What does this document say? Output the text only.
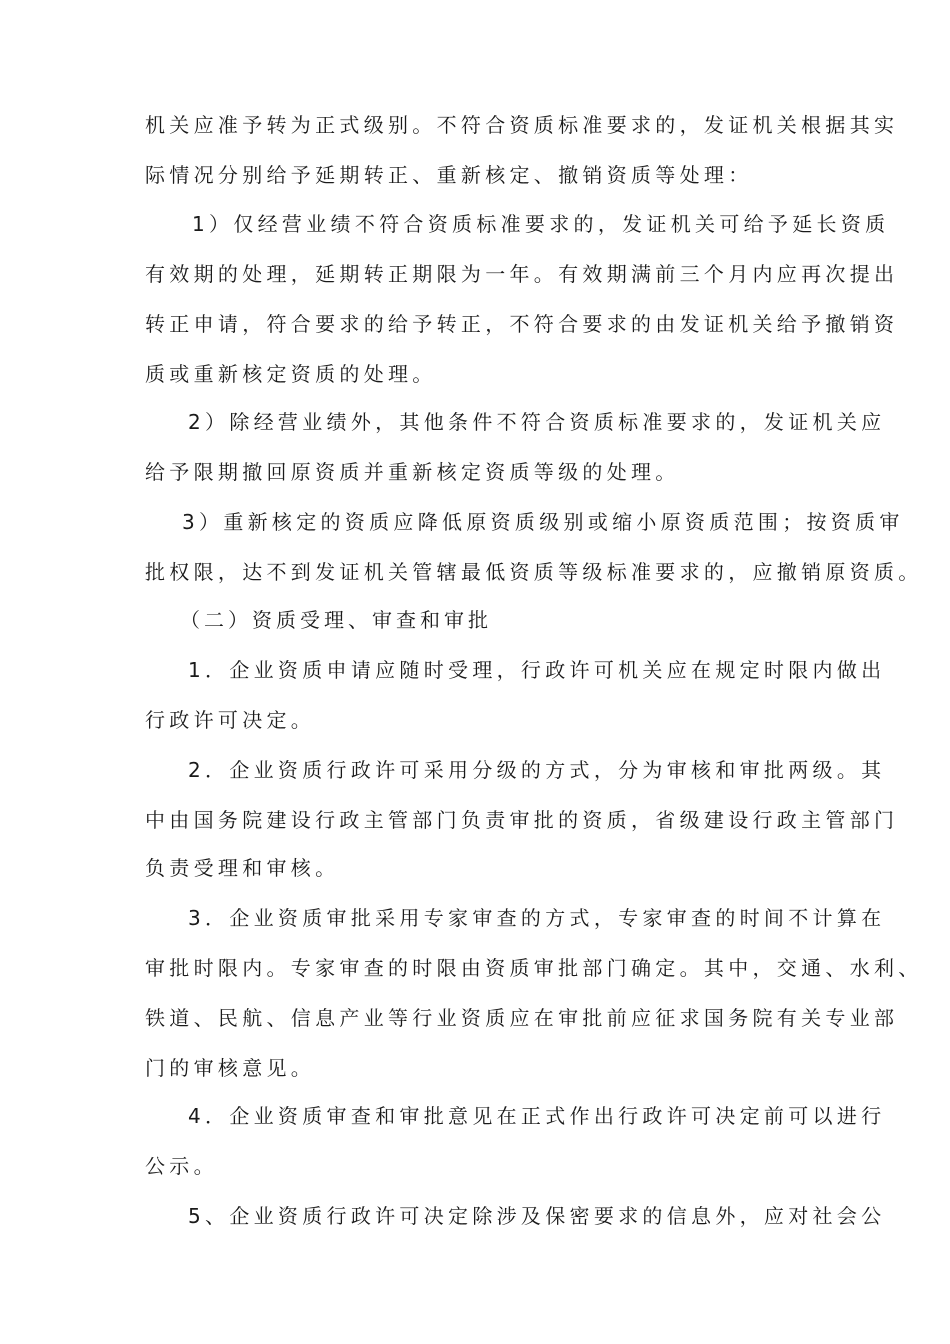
机关应准予转为正式级别。不符合资质标准要求的，发证机关根据其实
际情况分别给予延期转正、重新核定、撤销资质等处理：
1）仅经营业绩不符合资质标准要求的，发证机关可给予延长资质
有效期的处理，延期转正期限为一年。有效期满前三个月内应再次提出
转正申请，符合要求的给予转正，不符合要求的由发证机关给予撤销资
质或重新核定资质的处理。
2）除经营业绩外，其他条件不符合资质标准要求的，发证机关应
给予限期撤回原资质并重新核定资质等级的处理。
3）重新核定的资质应降低原资质级别或缩小原资质范围；按资质审
批权限，达不到发证机关管辖最低资质等级标准要求的，应撤销原资质。
（二）资质受理、审查和审批
1．企业资质申请应随时受理，行政许可机关应在规定时限内做出
行政许可决定。
2．企业资质行政许可采用分级的方式，分为审核和审批两级。其
中由国务院建设行政主管部门负责审批的资质，省级建设行政主管部门
负责受理和审核。
3．企业资质审批采用专家审查的方式，专家审查的时间不计算在
审批时限内。专家审查的时限由资质审批部门确定。其中，交通、水利、
铁道、民航、信息产业等行业资质应在审批前应征求国务院有关专业部
门的审核意见。
4．企业资质审查和审批意见在正式作出行政许可决定前可以进行
公示。
5、企业资质行政许可决定除涉及保密要求的信息外，应对社会公
